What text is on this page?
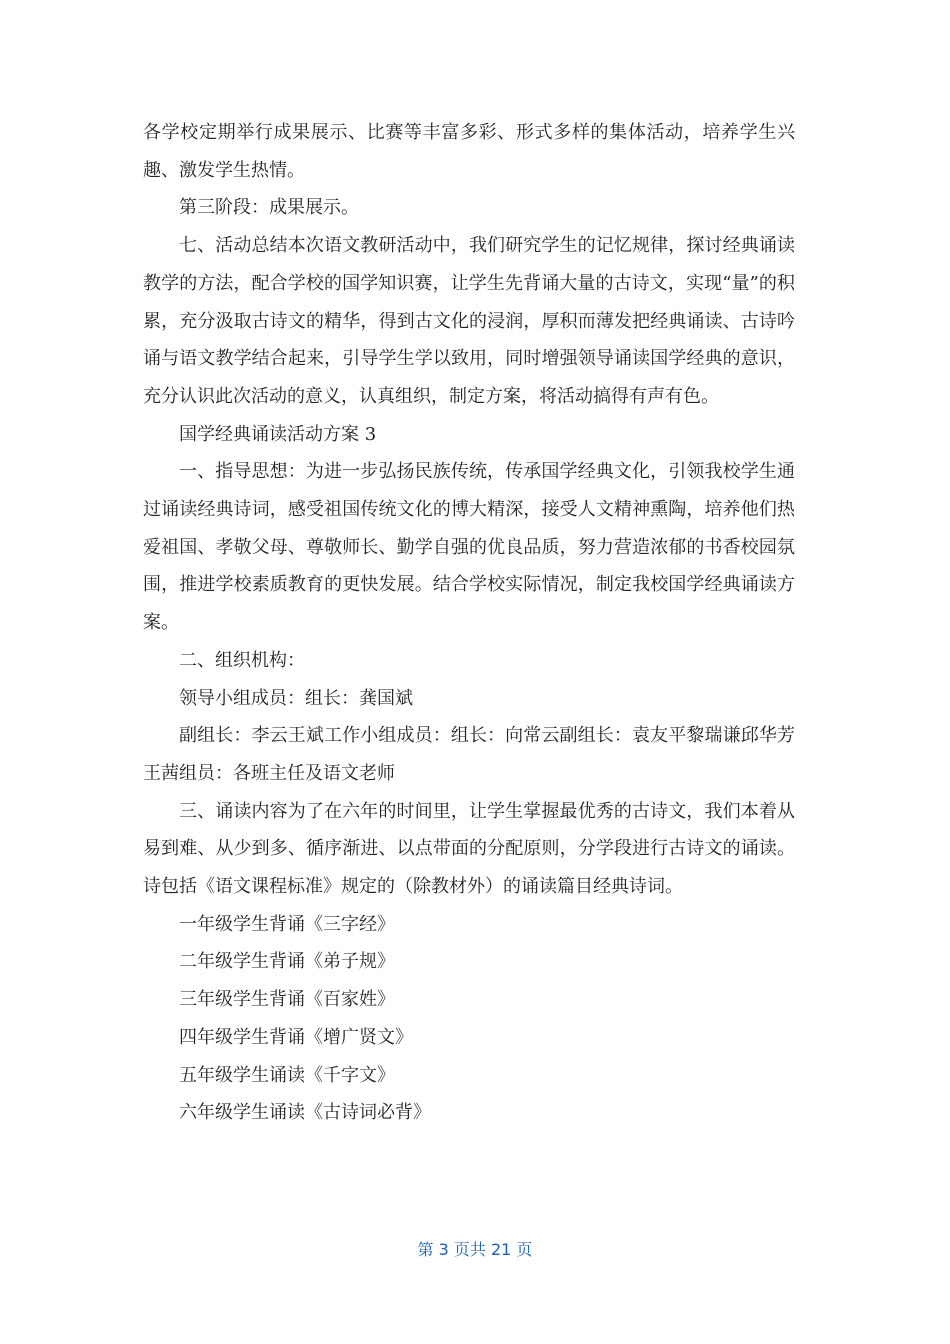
各学校定期举行成果展示、比赛等丰富多彩、形式多样的集体活动，培养学生兴趣、激发学生热情。

第三阶段：成果展示。

七、活动总结本次语文教研活动中，我们研究学生的记忆规律，探讨经典诵读教学的方法，配合学校的国学知识赛，让学生先背诵大量的古诗文，实现“量”的积累，充分汲取古诗文的精华，得到古文化的浸润，厚积而薄发把经典诵读、古诗吟诵与语文教学结合起来，引导学生学以致用，同时增强领导诵读国学经典的意识，充分认识此次活动的意义，认真组织，制定方案，将活动搞得有声有色。

国学经典诵读活动方案 3

一、指导思想：为进一步弘扬民族传统，传承国学经典文化，引领我校学生通过诵读经典诗词，感受祖国传统文化的博大精深，接受人文精神熏陶，培养他们热爱祖国、孝敬父母、尊敬师长、勤学自强的优良品质，努力营造浓郁的书香校园氛围，推进学校素质教育的更快发展。结合学校实际情况，制定我校国学经典诵读方案。

二、组织机构：

领导小组成员：组长：龚国斌

副组长：李云王斌工作小组成员：组长：向常云副组长：袁友平黎瑞谦邱华芳王茜组员：各班主任及语文老师

三、诵读内容为了在六年的时间里，让学生掌握最优秀的古诗文，我们本着从易到难、从少到多、循序渐进、以点带面的分配原则，分学段进行古诗文的诵读。诗包括《语文课程标准》规定的（除教材外）的诵读篇目经典诗词。

一年级学生背诵《三字经》

二年级学生背诵《弟子规》

三年级学生背诵《百家姓》

四年级学生背诵《增广贤文》

五年级学生诵读《千字文》

六年级学生诵读《古诗词必背》

第 3 页共 21 页
